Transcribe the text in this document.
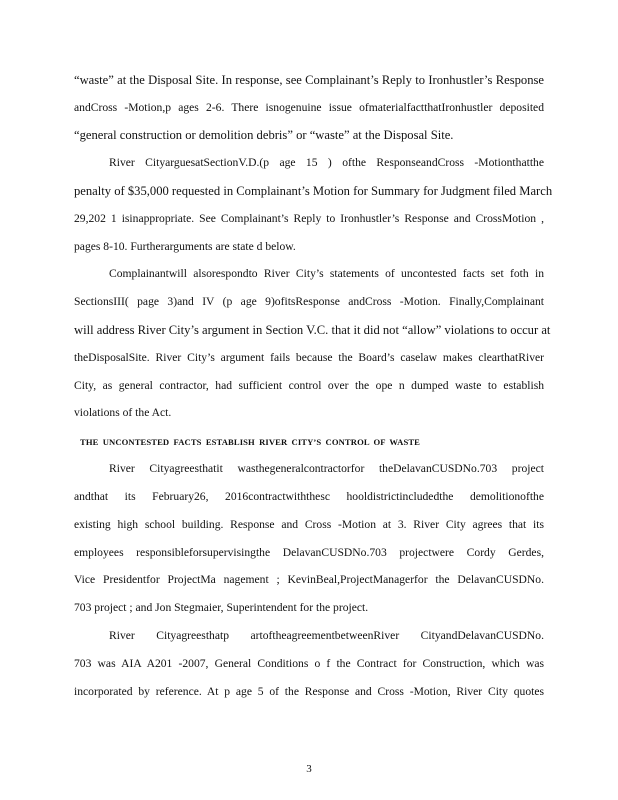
“waste” at the Disposal Site. In response, see Complainant’s Reply to Ironhustler’s Response
andCross -Motion,p ages 2-6. There isnogenuine issue ofmaterialfactthatIronhustler deposited
“general construction or demolition debris” or “waste” at the Disposal Site.
River CityarguesatSectionV.D.(p age 15 ) ofthe ResponseandCross -Motionthatthe
penalty of $35,000 requested in Complainant’s Motion for Summary for Judgment filed March
29,202 1 isinappropriate. See Complainant’s Reply to Ironhustler’s Response and CrossMotion ,
pages 8-10. Furtherarguments are state d below.
Complainantwill alsorespondto River City’s statements of uncontested facts set foth in
SectionsIII( page 3)and IV (p age 9)ofitsResponse andCross -Motion. Finally,Complainant
will address River City’s argument in Section V.C. that it did not “allow” violations to occur at
theDisposalSite. River City’s argument fails because the Board’s caselaw makes clearthatRiver
City, as general contractor, had sufficient control over the ope n dumped waste to establish
violations of the Act.
THE UNCONTESTED FACTS ESTABLISH RIVER CITY’S CONTROL OF WASTE
River Cityagreesthatit wasthegeneralcontractorfor theDelavanCUSDNo.703 project
andthat its February26, 2016contractwiththesc hooldistrictincludedthe demolitionofthe
existing high school building. Response and Cross -Motion at 3. River City agrees that its
employees responsibleforsupervisingthe DelavanCUSDNo.703 projectwere Cordy Gerdes,
Vice Presidentfor ProjectMa nagement ; KevinBeal,ProjectManagerfor the DelavanCUSDNo.
703 project ; and Jon Stegmaier, Superintendent for the project.
River Cityagreesthatp artoftheagreementbetweenRiver CityandDelavanCUSDNo.
703 was AIA A201 -2007, General Conditions o f the Contract for Construction, which was
incorporated by reference. At p age 5 of the Response and Cross -Motion, River City quotes
3
